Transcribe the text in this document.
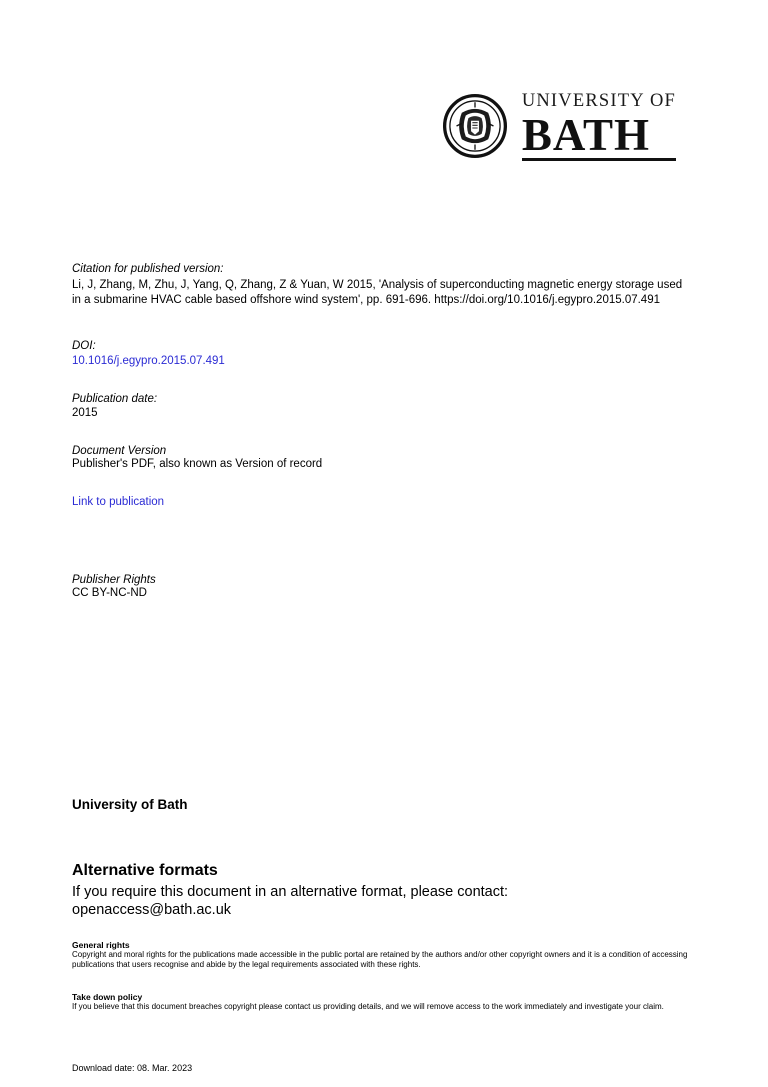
UNIVERSITY OF
BATH
Citation for published version:
Li, J, Zhang, M, Zhu, J, Yang, Q, Zhang, Z & Yuan, W 2015, 'Analysis of superconducting magnetic energy storage used in a submarine HVAC cable based offshore wind system', pp. 691-696. https://doi.org/10.1016/j.egypro.2015.07.491
DOI:
10.1016/j.egypro.2015.07.491
Publication date:
2015
Document Version
Publisher's PDF, also known as Version of record
Link to publication
Publisher Rights
CC BY-NC-ND
University of Bath
Alternative formats
If you require this document in an alternative format, please contact:
openaccess@bath.ac.uk
General rights
Copyright and moral rights for the publications made accessible in the public portal are retained by the authors and/or other copyright owners and it is a condition of accessing publications that users recognise and abide by the legal requirements associated with these rights.
Take down policy
If you believe that this document breaches copyright please contact us providing details, and we will remove access to the work immediately and investigate your claim.
Download date: 08. Mar. 2023
